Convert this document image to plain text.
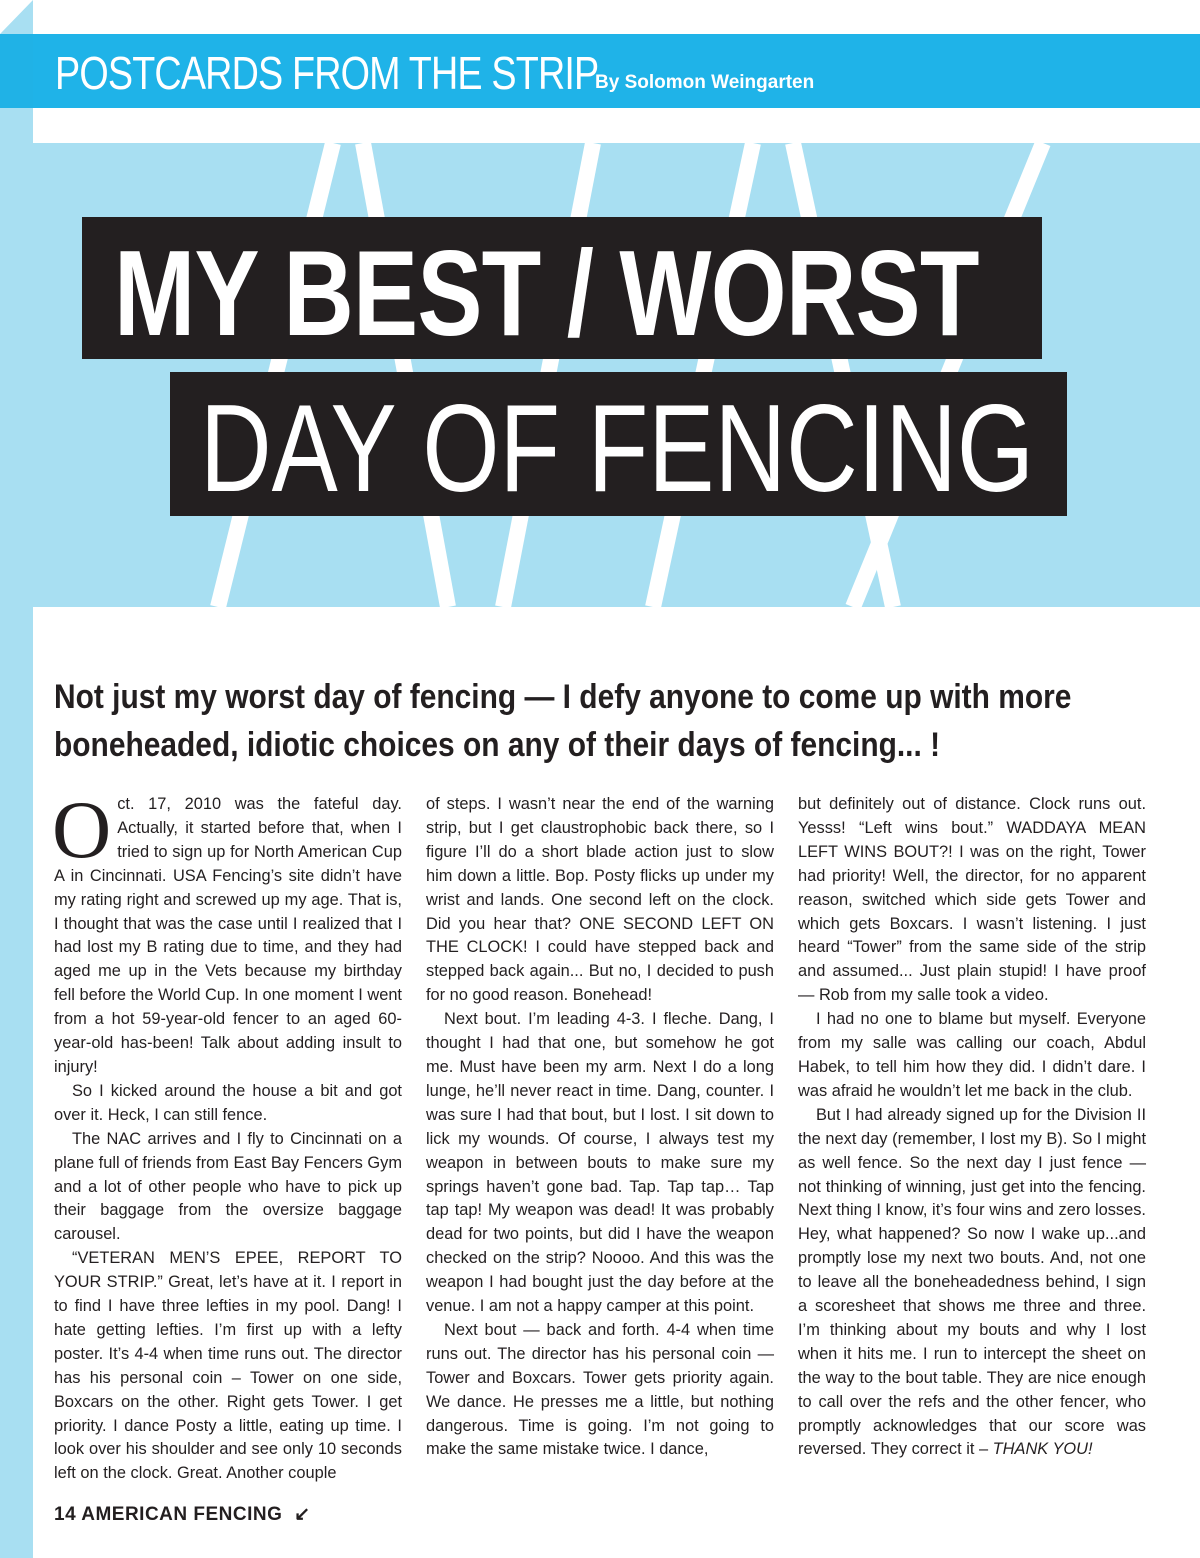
POSTCARDS FROM THE STRIP
By Solomon Weingarten
MY BEST / WORST
DAY OF FENCING
Not just my worst day of fencing — I defy anyone to come up with more
boneheaded, idiotic choices on any of their days of fencing... !

Oct. 17, 2010 was the fateful day. Actually, it started before that, when I tried to sign up for North American Cup A in Cincinnati. USA Fencing’s site didn’t have my rating right and screwed up my age. That is, I thought that was the case until I realized that I had lost my B rating due to time, and they had aged me up in the Vets because my birthday fell before the World Cup. In one moment I went from a hot 59-year-old fencer to an aged 60-year-old has-been! Talk about adding insult to injury!

So I kicked around the house a bit and got over it. Heck, I can still fence.

The NAC arrives and I fly to Cincinnati on a plane full of friends from East Bay Fencers Gym and a lot of other people who have to pick up their baggage from the oversize baggage carousel.

“VETERAN MEN’S EPEE, REPORT TO YOUR STRIP.” Great, let’s have at it. I report in to find I have three lefties in my pool. Dang! I hate getting lefties. I’m first up with a lefty poster. It’s 4-4 when time runs out. The director has his personal coin – Tower on one side, Boxcars on the other. Right gets Tower. I get priority. I dance Posty a little, eating up time. I look over his shoulder and see only 10 seconds left on the clock. Great. Another couple

of steps. I wasn’t near the end of the warning strip, but I get claustrophobic back there, so I figure I’ll do a short blade action just to slow him down a little. Bop. Posty flicks up under my wrist and lands. One second left on the clock. Did you hear that? ONE SECOND LEFT ON THE CLOCK! I could have stepped back and stepped back again... But no, I decided to push for no good reason. Bonehead!

Next bout. I’m leading 4-3. I fleche. Dang, I thought I had that one, but somehow he got me. Must have been my arm. Next I do a long lunge, he’ll never react in time. Dang, counter. I was sure I had that bout, but I lost. I sit down to lick my wounds. Of course, I always test my weapon in between bouts to make sure my springs haven’t gone bad. Tap. Tap tap… Tap tap tap! My weapon was dead! It was probably dead for two points, but did I have the weapon checked on the strip? Noooo. And this was the weapon I had bought just the day before at the venue. I am not a happy camper at this point.

Next bout — back and forth. 4-4 when time runs out. The director has his personal coin — Tower and Boxcars. Tower gets priority again. We dance. He presses me a little, but nothing dangerous. Time is going. I’m not going to make the same mistake twice. I dance,

but definitely out of distance. Clock runs out. Yesss! “Left wins bout.” WADDAYA MEAN LEFT WINS BOUT?! I was on the right, Tower had priority! Well, the director, for no apparent reason, switched which side gets Tower and which gets Boxcars. I wasn’t listening. I just heard “Tower” from the same side of the strip and assumed... Just plain stupid! I have proof — Rob from my salle took a video.

I had no one to blame but myself. Everyone from my salle was calling our coach, Abdul Habek, to tell him how they did. I didn’t dare. I was afraid he wouldn’t let me back in the club.

But I had already signed up for the Division II the next day (remember, I lost my B). So I might as well fence. So the next day I just fence — not thinking of winning, just get into the fencing. Next thing I know, it’s four wins and zero losses. Hey, what happened? So now I wake up...and promptly lose my next two bouts. And, not one to leave all the boneheadedness behind, I sign a scoresheet that shows me three and three. I’m thinking about my bouts and why I lost when it hits me. I run to intercept the sheet on the way to the bout table. They are nice enough to call over the refs and the other fencer, who promptly acknowledges that our score was reversed. They correct it – THANK YOU!

14 AMERICAN FENCING ↙
